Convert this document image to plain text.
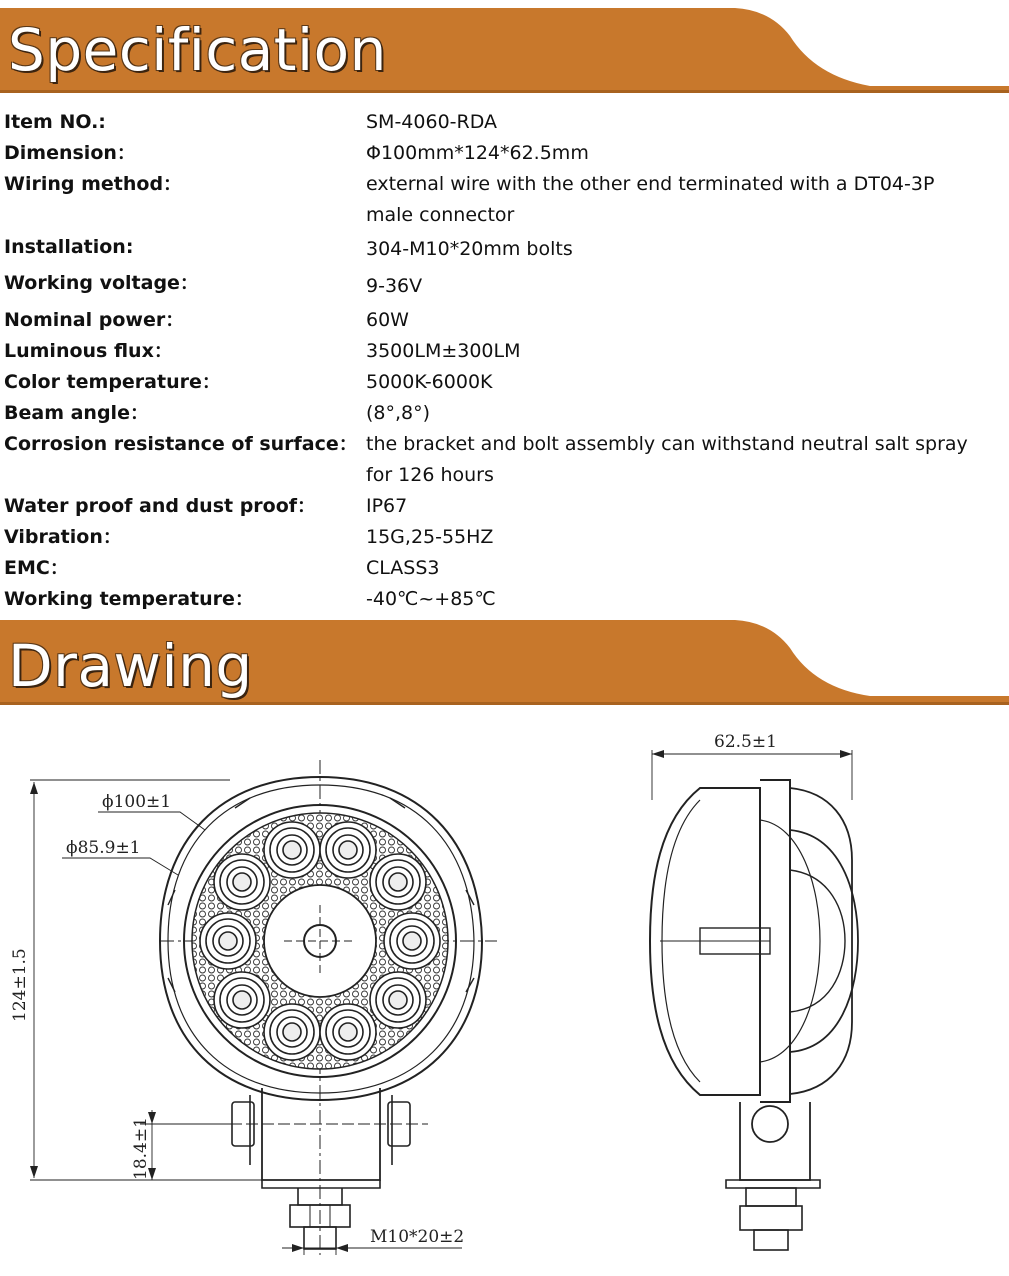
Specification
Item NO.:	SM-4060-RDA
Dimension：	Φ100mm*124*62.5mm
Wiring method：	external wire with the other end terminated with a DT04-3P male connector
Installation:	304-M10*20mm bolts
Working voltage：	9-36V
Nominal power：	60W
Luminous flux：	3500LM±300LM
Color temperature：	5000K-6000K
Beam angle：	(8°,8°)
Corrosion resistance of surface： the bracket and bolt assembly can withstand neutral salt spray for 126 hours
Water proof and dust proof：	IP67
Vibration：	15G,25-55HZ
EMC：	CLASS3
Working temperature：	-40℃~+85℃
Drawing
ϕ100±1
ϕ85.9±1
124±1.5
18.4±1
M10*20±2
62.5±1
